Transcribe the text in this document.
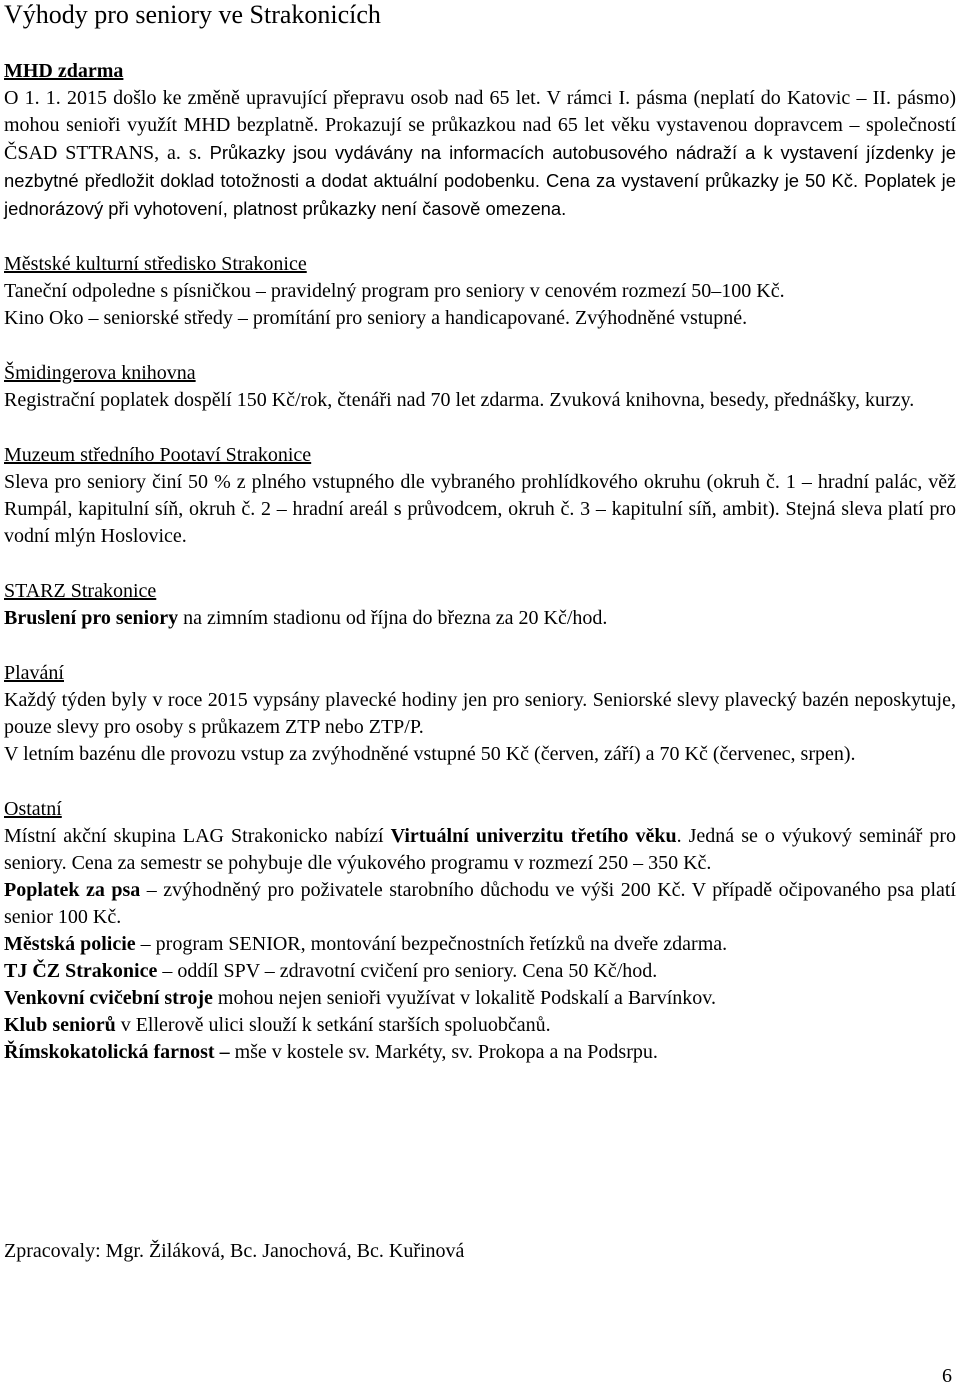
Výhody pro seniory ve Strakonicích
MHD zdarma

O 1. 1. 2015 došlo ke změně upravující přepravu osob nad 65 let. V rámci I. pásma (neplatí do Katovic – II. pásmo) mohou senioři využít MHD bezplatně. Prokazují se průkazkou nad 65 let věku vystavenou dopravcem – společností ČSAD STTRANS, a. s. Průkazky jsou vydávány na informacích autobusového nádraží a k vystavení jízdenky je nezbytné předložit doklad totožnosti a dodat aktuální podobenku. Cena za vystavení průkazky je 50 Kč. Poplatek je jednorázový při vyhotovení, platnost průkazky není časově omezena.

Městské kulturní středisko Strakonice

Taneční odpoledne s písničkou – pravidelný program pro seniory v cenovém rozmezí 50–100 Kč.

Kino Oko – seniorské středy – promítání pro seniory a handicapované. Zvýhodněné vstupné.

Šmidingerova knihovna

Registrační poplatek dospělí 150 Kč/rok, čtenáři nad 70 let zdarma. Zvuková knihovna, besedy, přednášky, kurzy.

Muzeum středního Pootaví Strakonice

Sleva pro seniory činí 50 % z plného vstupného dle vybraného prohlídkového okruhu (okruh č. 1 – hradní palác, věž Rumpál, kapitulní síň, okruh č. 2 – hradní areál s průvodcem, okruh č. 3 – kapitulní síň, ambit). Stejná sleva platí pro vodní mlýn Hoslovice.

STARZ Strakonice

Bruslení pro seniory na zimním stadionu od října do března za 20 Kč/hod.

Plavání

Každý týden byly v roce 2015 vypsány plavecké hodiny jen pro seniory. Seniorské slevy plavecký bazén neposkytuje, pouze slevy pro osoby s průkazem ZTP nebo ZTP/P.

V letním bazénu dle provozu vstup za zvýhodněné vstupné 50 Kč (červen, září) a 70 Kč (červenec, srpen).

Ostatní

Místní akční skupina LAG Strakonicko nabízí Virtuální univerzitu třetího věku. Jedná se o výukový seminář pro seniory. Cena za semestr se pohybuje dle výukového programu v rozmezí 250 – 350 Kč.

Poplatek za psa – zvýhodněný pro poživatele starobního důchodu ve výši 200 Kč. V případě očipovaného psa platí senior 100 Kč.

Městská policie – program SENIOR, montování bezpečnostních řetízků na dveře zdarma.

TJ ČZ Strakonice – oddíl SPV – zdravotní cvičení pro seniory. Cena 50 Kč/hod.

Venkovní cvičební stroje mohou nejen senioři využívat v lokalitě Podskalí a Barvínkov.

Klub seniorů v Ellerově ulici slouží k setkání starších spoluobčanů.

Římskokatolická farnost – mše v kostele sv. Markéty, sv. Prokopa a na Podsrpu.

Zpracovaly: Mgr. Žiláková, Bc. Janochová, Bc. Kuřinová
6
